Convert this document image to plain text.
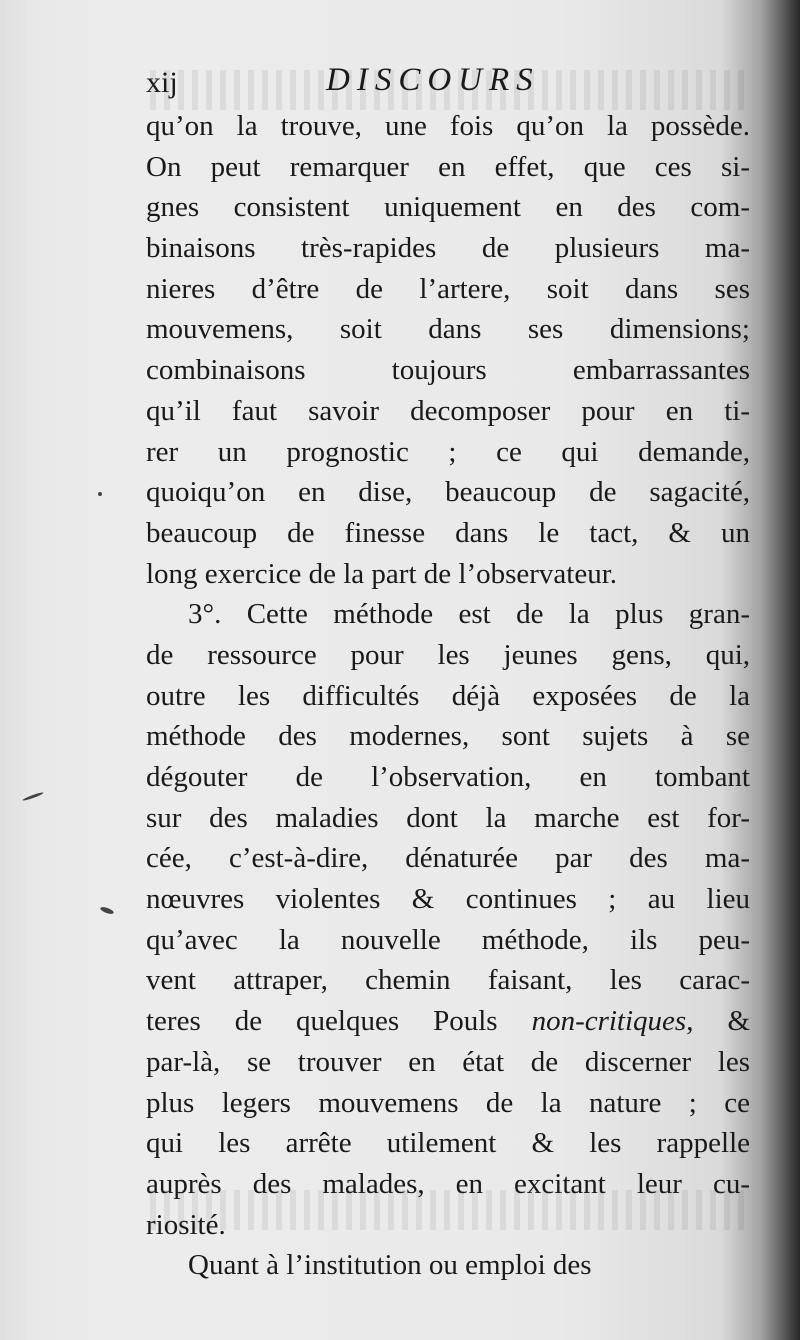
xij	DISCOURS
qu’on la trouve, une fois qu’on la possède.
On peut remarquer en effet, que ces si-
gnes consistent uniquement en des com-
binaisons très-rapides de plusieurs ma-
nieres d’être de l’artere, soit dans ses
mouvemens, soit dans ses dimensions;
combinaisons toujours embarrassantes
qu’il faut savoir decomposer pour en ti-
rer un prognostic ; ce qui demande,
quoiqu’on en dise, beaucoup de sagacité,
beaucoup de finesse dans le tact, & un
long exercice de la part de l’observateur.
3°. Cette méthode est de la plus gran-
de ressource pour les jeunes gens, qui,
outre les difficultés déjà exposées de la
méthode des modernes, sont sujets à se
dégouter de l’observation, en tombant
sur des maladies dont la marche est for-
cée, c’est-à-dire, dénaturée par des ma-
nœuvres violentes & continues ; au lieu
qu’avec la nouvelle méthode, ils peu-
vent attraper, chemin faisant, les carac-
teres de quelques Pouls non-critiques, &
par-là, se trouver en état de discerner les
plus legers mouvemens de la nature ; ce
qui les arrête utilement & les rappelle
auprès des malades, en excitant leur cu-
riosité.
Quant à l’institution ou emploi des
